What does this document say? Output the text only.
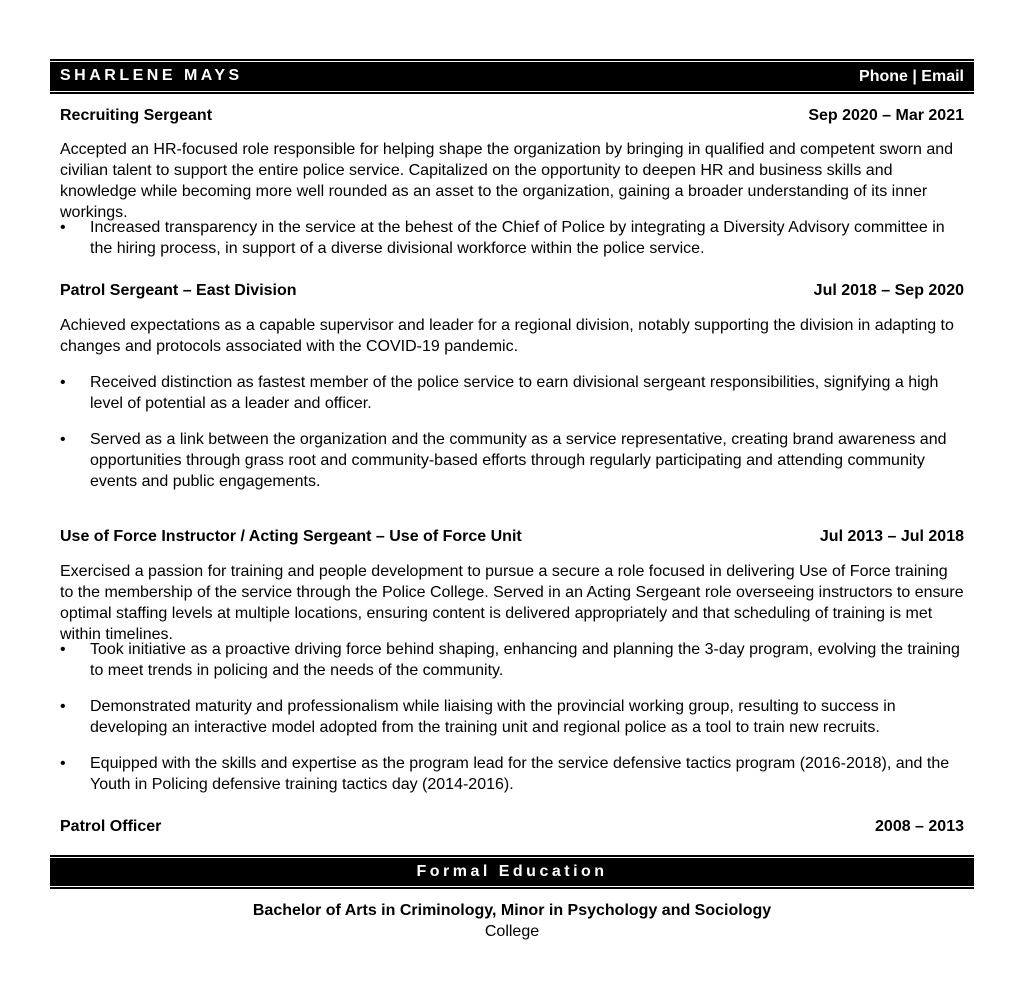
SHARLENE MAYS	Phone | Email
Recruiting Sergeant	Sep 2020 – Mar 2021

Accepted an HR-focused role responsible for helping shape the organization by bringing in qualified and competent sworn and civilian talent to support the entire police service. Capitalized on the opportunity to deepen HR and business skills and knowledge while becoming more well rounded as an asset to the organization, gaining a broader understanding of its inner workings.

•	Increased transparency in the service at the behest of the Chief of Police by integrating a Diversity Advisory committee in the hiring process, in support of a diverse divisional workforce within the police service.
Patrol Sergeant – East Division	Jul 2018 – Sep 2020

Achieved expectations as a capable supervisor and leader for a regional division, notably supporting the division in adapting to changes and protocols associated with the COVID-19 pandemic.

•	Received distinction as fastest member of the police service to earn divisional sergeant responsibilities, signifying a high level of potential as a leader and officer.
•	Served as a link between the organization and the community as a service representative, creating brand awareness and opportunities through grass root and community-based efforts through regularly participating and attending community events and public engagements.
Use of Force Instructor / Acting Sergeant – Use of Force Unit	Jul 2013 – Jul 2018

Exercised a passion for training and people development to pursue a secure a role focused in delivering Use of Force training to the membership of the service through the Police College. Served in an Acting Sergeant role overseeing instructors to ensure optimal staffing levels at multiple locations, ensuring content is delivered appropriately and that scheduling of training is met within timelines.

•	Took initiative as a proactive driving force behind shaping, enhancing and planning the 3-day program, evolving the training to meet trends in policing and the needs of the community.
•	Demonstrated maturity and professionalism while liaising with the provincial working group, resulting to success in developing an interactive model adopted from the training unit and regional police as a tool to train new recruits.
•	Equipped with the skills and expertise as the program lead for the service defensive tactics program (2016-2018), and the Youth in Policing defensive training tactics day (2014-2016).
Patrol Officer	2008 – 2013
Formal Education
Bachelor of Arts in Criminology, Minor in Psychology and Sociology
College
